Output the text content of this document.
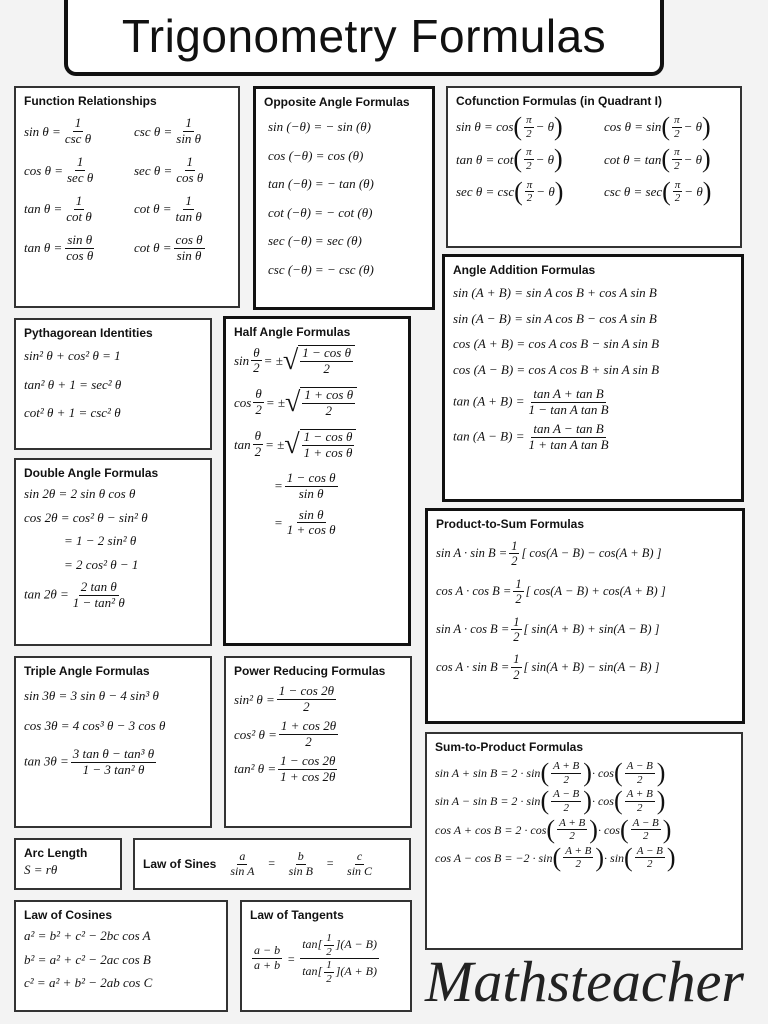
Trigonometry Formulas
Function Relationships
$\sin \theta = \frac{1}{\text{csc θ}}$	$\csc \theta = \frac{1}{\text{sin θ}}$
$\cos \theta = \frac{1}{\text{sec θ}}$	$\sec \theta = \frac{1}{\text{cos θ}}$
$\tan \theta = \frac{1}{\text{cot θ}}$	$\cot \theta = \frac{1}{\text{tan θ}}$
$\tan \theta = \frac{\text{sin θ}}{\text{cos θ}}$	$\cot \theta = \frac{\text{cos θ}}{\text{sin θ}}$
Opposite Angle Formulas
sin (−θ) = − sin (θ)
cos (−θ) = cos (θ)
tan (−θ) = − tan (θ)
cot (−θ) = − cot (θ)
sec (−θ) = sec (θ)
csc (−θ) = − csc (θ)
Cofunction Formulas (in Quadrant I)
sin θ = cos ( $\frac{\pi}{2} - \theta$ )	cos θ = sin ( $\frac{\pi}{2} - \theta$ )
tan θ = cot ( $\frac{\pi}{2} - \theta$ )	cot θ = tan ( $\frac{\pi}{2} - \theta$ )
sec θ = csc ( $\frac{\pi}{2} - \theta$ )	csc θ = sec ( $\frac{\pi}{2} - \theta$ )
Angle Addition Formulas
sin (A + B) = sin A cos B + cos A sin B
sin (A − B) = sin A cos B − cos A sin B
cos (A + B) = cos A cos B − sin A sin B
cos (A − B) = cos A cos B + sin A sin B
$\tan (A + B) = \frac{\text{tan A + tan B}}{\text{1 − tan A tan B}}$
$\tan (A - B) = \frac{\text{tan A − tan B}}{\text{1 + tan A tan B}}$
Pythagorean Identities
sin² θ + cos² θ = 1
tan² θ + 1 = sec² θ
cot² θ + 1 = csc² θ
Half Angle Formulas
$\sin \frac{\theta}{2}$ = ± √ $\frac{\text{1 − cos θ}}{2}$
$\cos \frac{\theta}{2}$ = ± √ $\frac{\text{1 + cos θ}}{2}$
$\tan \frac{\theta}{2}$ = ± √ $\frac{\text{1 − cos θ}}{\text{1 + cos θ}}$
= $\frac{\text{1 − cos θ}}{\text{sin θ}}$
= $\frac{\text{sin θ}}{\text{1 + cos θ}}$
Double Angle Formulas
sin 2θ = 2 sin θ cos θ
cos 2θ = cos² θ − sin² θ
= 1 − 2 sin² θ
= 2 cos² θ − 1
$\tan 2\theta = \frac{\text{2 tan θ}}{\text{1 − tan² θ}}$
Product-to-Sum Formulas
$\sin A \cdot \sin B = \frac{1}{2}$ [ cos(A − B) − cos(A + B) ]
$\cos A \cdot \cos B = \frac{1}{2}$ [ cos(A − B) + cos(A + B) ]
$\sin A \cdot \cos B = \frac{1}{2}$ [ sin(A + B) + sin(A − B) ]
$\cos A \cdot \sin B = \frac{1}{2}$ [ sin(A + B) − sin(A − B) ]
Triple Angle Formulas
sin 3θ = 3 sin θ − 4 sin³ θ
cos 3θ = 4 cos³ θ − 3 cos θ
$\tan 3\theta = \frac{\text{3 tan θ − tan³ θ}}{\text{1 − 3 tan² θ}}$
Power Reducing Formulas
sin² $\theta = \frac{1 - \cos 2\theta}{2}$
cos² $\theta = \frac{1 + \cos 2\theta}{2}$
tan² $\theta = \frac{1 - \cos 2\theta}{1 + \cos 2\theta}$
Sum-to-Product Formulas
sin A + sin B = 2 · sin ( $\frac{A + B}{2}$ ) · cos ( $\frac{A - B}{2}$ )
sin A − sin B = 2 · sin ( $\frac{A - B}{2}$ ) · cos ( $\frac{A + B}{2}$ )
cos A + cos B = 2 · cos ( $\frac{A + B}{2}$ ) · cos ( $\frac{A - B}{2}$ )
cos A − cos B = −2 · sin ( $\frac{A + B}{2}$ ) · sin ( $\frac{A - B}{2}$ )
Arc Length
S = rθ	Law of Sines $\frac{a}{\text{sin A}} = \frac{b}{\text{sin B}} = \frac{c}{\text{sin C}}$
Law of Cosines
a² = b² + c² − 2bc cos A
b² = a² + c² − 2ac cos B
c² = a² + b² − 2ab cos C
Law of Tangents
$\frac{a - b}{a + b} = \frac{\tan[ \frac{1}{2} ](A - B)}{\tan[ \frac{1}{2} ](A + B)}$ Mathsteacher
